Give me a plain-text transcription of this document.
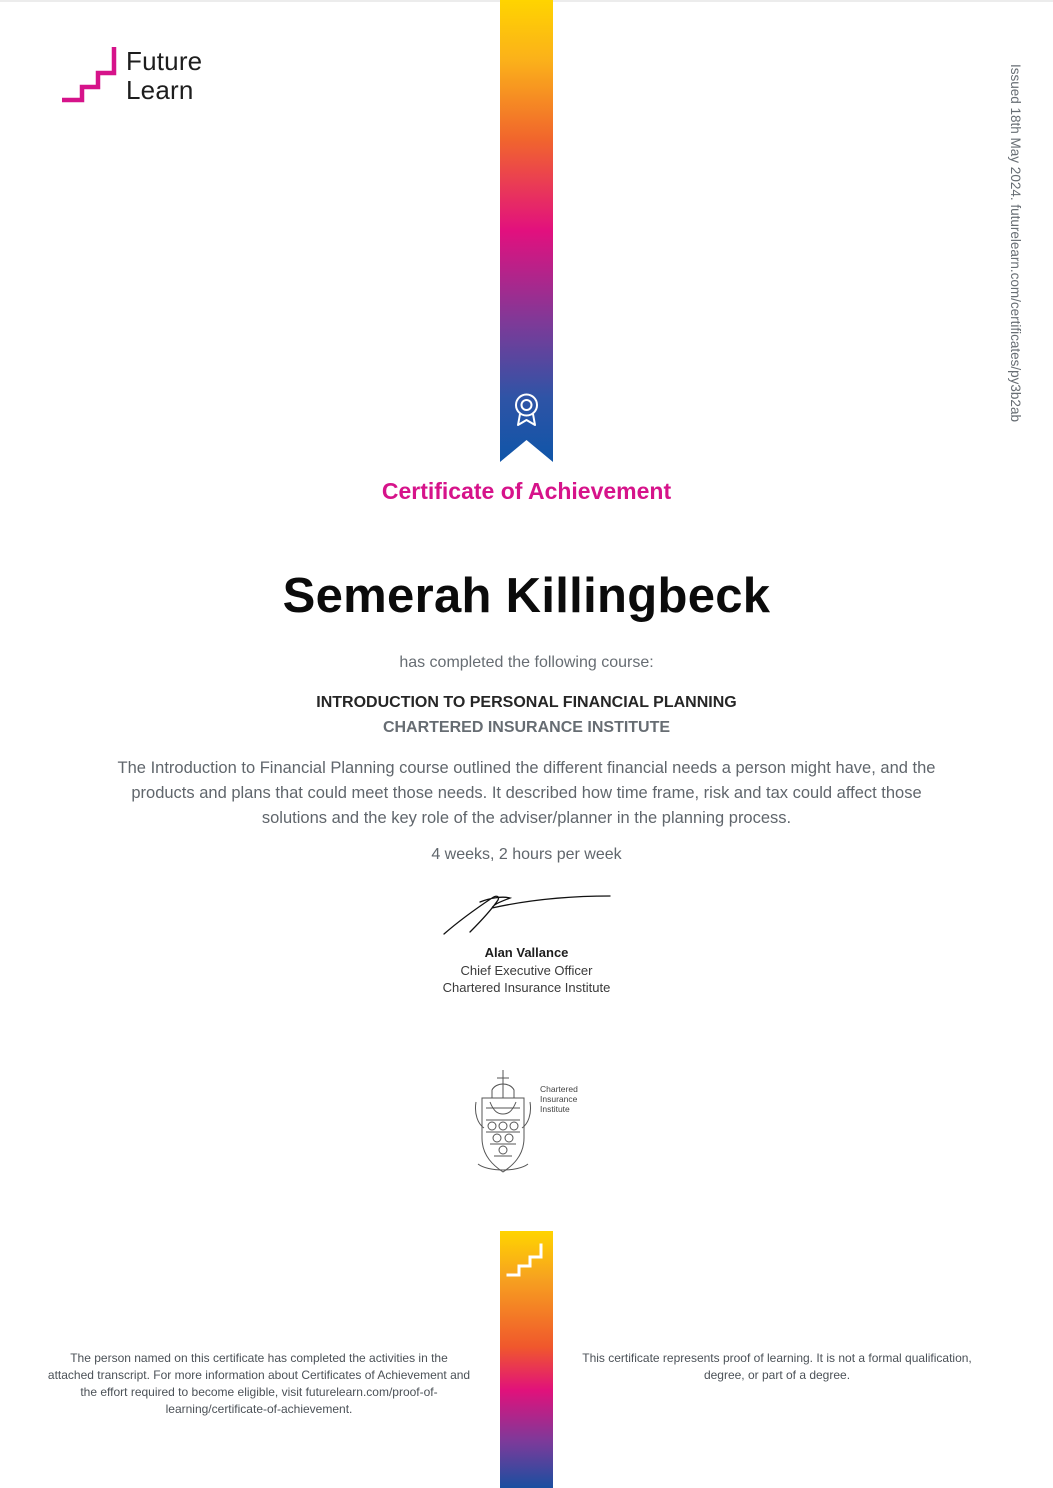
Future
Learn	Issued 18th May 2024. futurelearn.com/certificates/py3b2ab
Certificate of Achievement
Semerah Killingbeck
has completed the following course:
INTRODUCTION TO PERSONAL FINANCIAL PLANNING
CHARTERED INSURANCE INSTITUTE
The Introduction to Financial Planning course outlined the different financial needs a person might have, and the products and plans that could meet those needs. It described how time frame, risk and tax could affect those solutions and the key role of the adviser/planner in the planning process.
4 weeks, 2 hours per week
Alan Vallance
Chief Executive Officer
Chartered Insurance Institute
Chartered
Insurance
Institute
The person named on this certificate has completed the activities in the attached transcript. For more information about Certificates of Achievement and the effort required to become eligible, visit futurelearn.com/proof-of-learning/certificate-of-achievement.
This certificate represents proof of learning. It is not a formal qualification, degree, or part of a degree.
